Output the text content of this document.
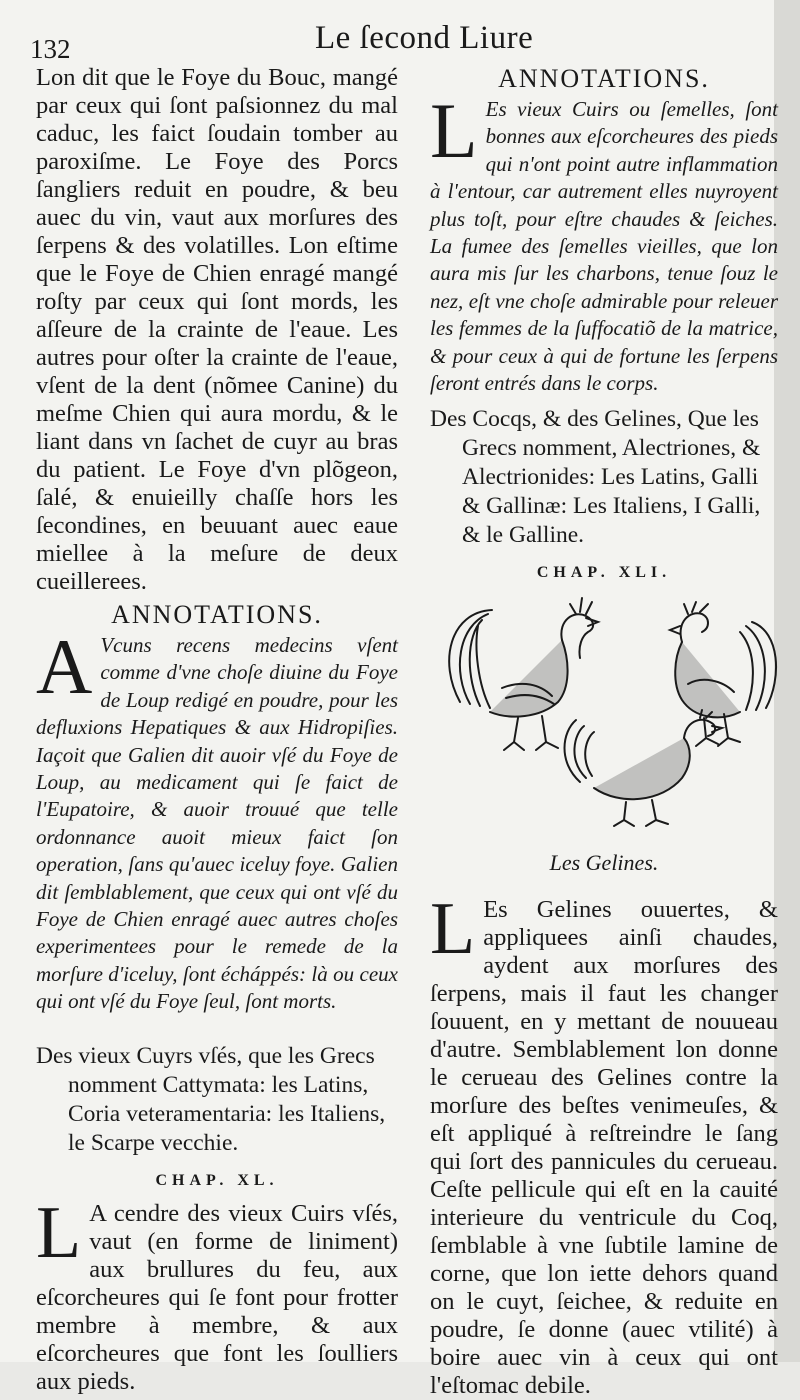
132	Le ſecond Liure

Lon dit que le Foye du Bouc, mangé par ceux qui ſont paſsionnez du mal caduc, les faict ſoudain tomber au paroxiſme. Le Foye des Porcs ſangliers reduit en poudre, & beu auec du vin, vaut aux morſures des ſerpens & des volatilles. Lon eſtime que le Foye de Chien enragé mangé roſty par ceux qui ſont mords, les aſſeure de la crainte de l'eaue. Les autres pour oſter la crainte de l'eaue, vſent de la dent (nõmee Canine) du meſme Chien qui aura mordu, & le liant dans vn ſachet de cuyr au bras du patient. Le Foye d'vn plõgeon, ſalé, & enuieilly chaſſe hors les ſecondines, en beuuant auec eaue miellee à la meſure de deux cueillerees.

ANNOTATIONS.

A Vcuns recens medecins vſent comme d'vne choſe diuine du Foye de Loup redigé en poudre, pour les defluxions Hepatiques & aux Hidropiſies. Iaçoit que Galien dit auoir vſé du Foye de Loup, au medicament qui ſe faict de l'Eupatoire, & auoir trouué que telle ordonnance auoit mieux faict ſon operation, ſans qu'auec iceluy foye. Galien dit ſemblablement, que ceux qui ont vſé du Foye de Chien enragé auec autres choſes experimentees pour le remede de la morſure d'iceluy, ſont écháppés: là ou ceux qui ont vſé du Foye ſeul, ſont morts.

Des vieux Cuyrs vſés, que les Grecs nomment Cattymata: les Latins, Coria veteramentaria: les Italiens, le Scarpe vecchie.

CHAP. XL.

L A cendre des vieux Cuirs vſés, vaut (en forme de liniment) aux brullures du feu, aux eſcorcheures qui ſe font pour frotter membre à membre, & aux eſcorcheures que font les ſoulliers aux pieds.

ANNOTATIONS.

L Es vieux Cuirs ou ſemelles, ſont bonnes aux eſcorcheures des pieds qui n'ont point autre inflammation à l'entour, car autrement elles nuyroyent plus toſt, pour eſtre chaudes & ſeiches. La fumee des ſemelles vieilles, que lon aura mis ſur les charbons, tenue ſouz le nez, eſt vne choſe admirable pour releuer les femmes de la ſuffocatiõ de la matrice, & pour ceux à qui de fortune les ſerpens ſeront entrés dans le corps.

Des Cocqs, & des Gelines, Que les Grecs nomment, Alectriones, & Alectrionides: Les Latins, Galli & Gallinæ: Les Italiens, I Galli, & le Galline.

CHAP. XLI.
Les Gelines.

L Es Gelines ouuertes, & appliquees ainſi chaudes, aydent aux morſures des ſerpens, mais il faut les changer ſouuent, en y mettant de nouueau d'autre. Semblablement lon donne le cerueau des Gelines contre la morſure des beſtes venimeuſes, & eſt appliqué à reſtreindre le ſang qui ſort des pannicules du cerueau. Ceſte pellicule qui eſt en la cauité interieure du ventricule du Coq, ſemblable à vne ſubtile lamine de corne, que lon iette dehors quand on le cuyt, ſeichee, & reduite en poudre, ſe donne (auec vtilité) à boire auec vin à ceux qui ont l'eſtomac debile.
